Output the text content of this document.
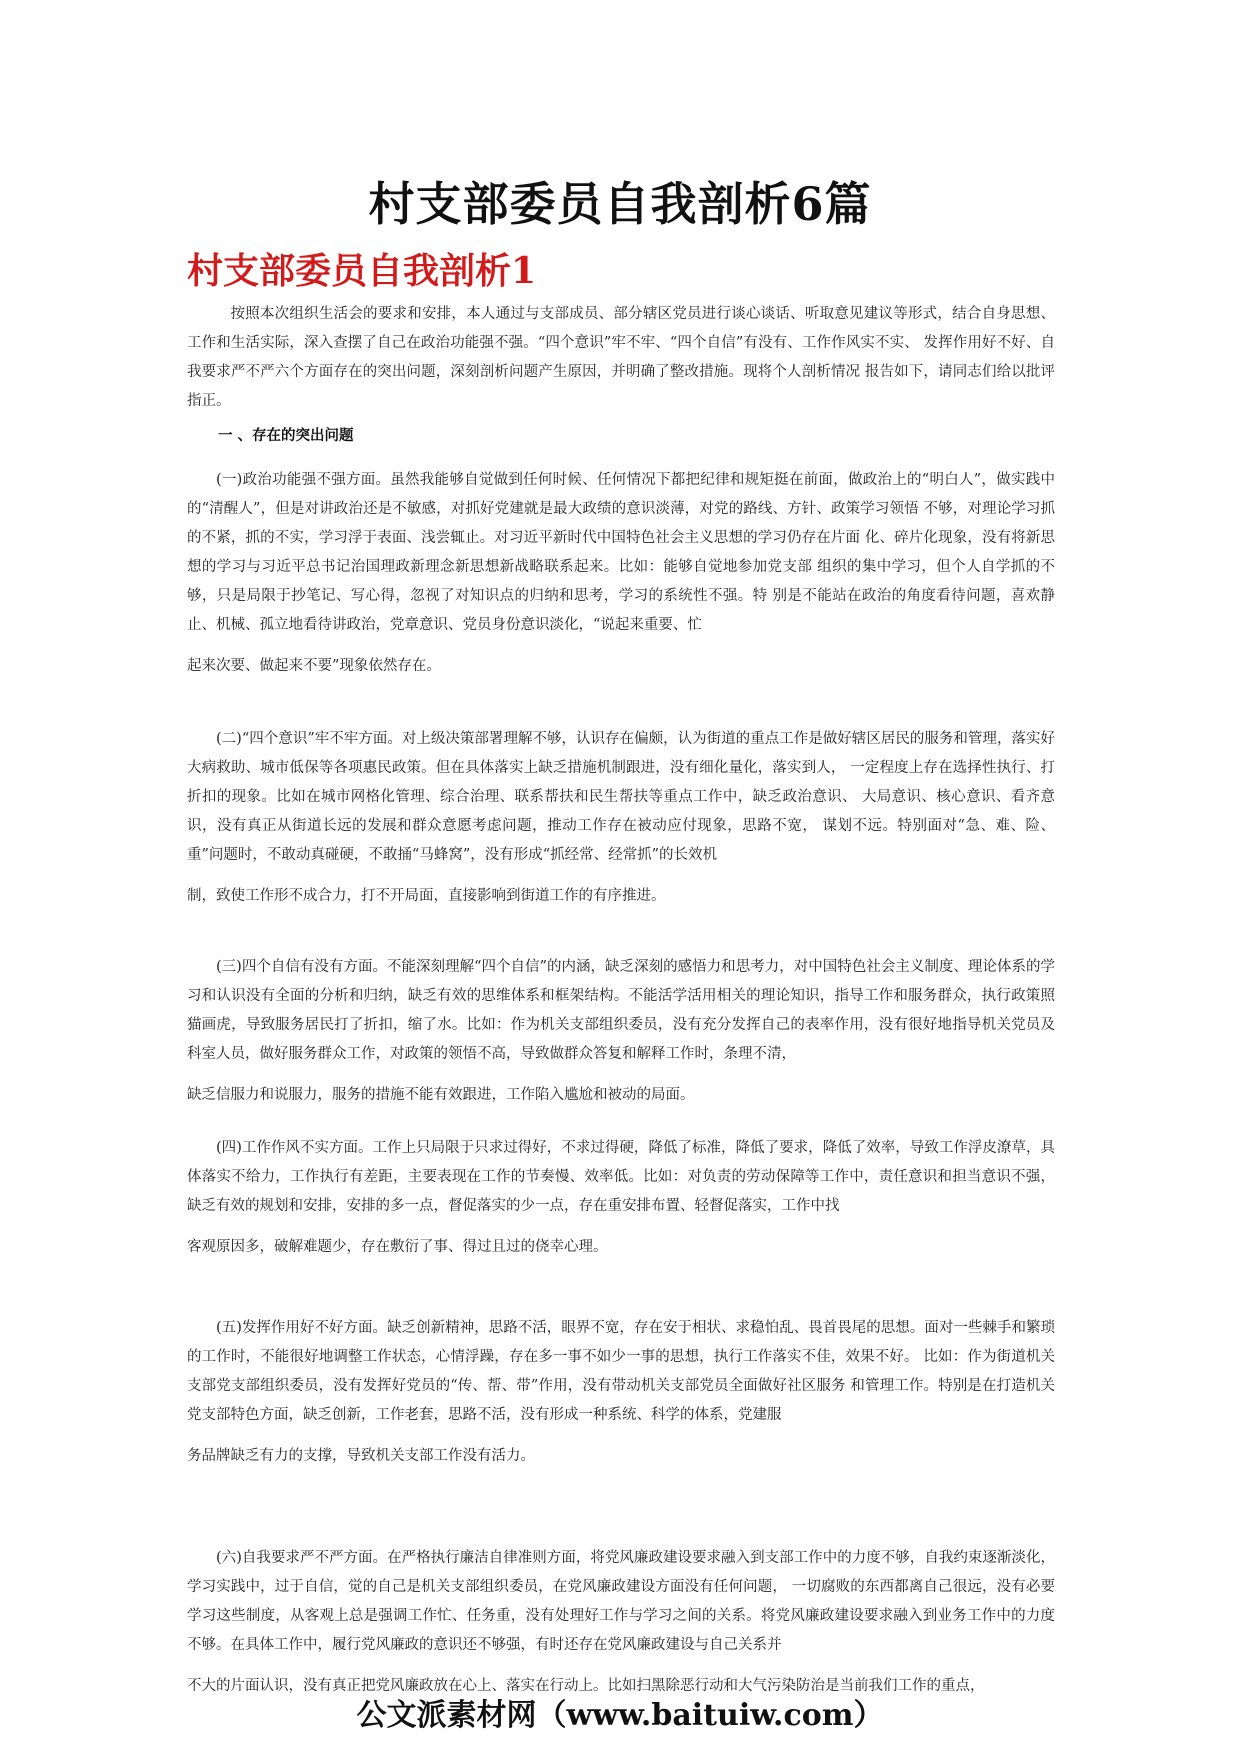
村支部委员自我剖析6篇
村支部委员自我剖析1

按照本次组织生活会的要求和安排，本人通过与支部成员、部分辖区党员进行谈心谈话、听取意见建议等形式，结合自身思想、工作和生活实际，深入查摆了自己在政治功能强不强。“四个意识”牢不牢、“四个自信”有没有、工作作风实不实、 发挥作用好不好、自我要求严不严六个方面存在的突出问题，深刻剖析问题产生原因，并明确了整改措施。现将个人剖析情况 报告如下，请同志们给以批评指正。

一 、存在的突出问题

(一)政治功能强不强方面。虽然我能够自觉做到任何时候、任何情况下都把纪律和规矩挺在前面，做政治上的“明白人”，做实践中的“清醒人”，但是对讲政治还是不敏感，对抓好党建就是最大政绩的意识淡薄，对党的路线、方针、政策学习领悟 不够，对理论学习抓的不紧，抓的不实，学习浮于表面、浅尝辄止。对习近平新时代中国特色社会主义思想的学习仍存在片面 化、碎片化现象，没有将新思想的学习与习近平总书记治国理政新理念新思想新战略联系起来。比如：能够自觉地参加党支部 组织的集中学习，但个人自学抓的不够，只是局限于抄笔记、写心得，忽视了对知识点的归纳和思考，学习的系统性不强。特 别是不能站在政治的角度看待问题，喜欢静止、机械、孤立地看待讲政治，党章意识、党员身份意识淡化，“说起来重要、忙

起来次要、做起来不要”现象依然存在。

(二)“四个意识”牢不牢方面。对上级决策部署理解不够，认识存在偏颇，认为街道的重点工作是做好辖区居民的服务和管理，落实好大病救助、城市低保等各项惠民政策。但在具体落实上缺乏措施机制跟进，没有细化量化，落实到人， 一定程度上存在选择性执行、打折扣的现象。比如在城市网格化管理、综合治理、联系帮扶和民生帮扶等重点工作中，缺乏政治意识、 大局意识、核心意识、看齐意识，没有真正从街道长远的发展和群众意愿考虑问题，推动工作存在被动应付现象，思路不宽， 谋划不远。特别面对“急、难、险、重”问题时，不敢动真碰硬，不敢捅“马蜂窝”，没有形成“抓经常、经常抓”的长效机

制，致使工作形不成合力，打不开局面，直接影响到街道工作的有序推进。

(三)四个自信有没有方面。不能深刻理解“四个自信”的内涵，缺乏深刻的感悟力和思考力，对中国特色社会主义制度、理论体系的学习和认识没有全面的分析和归纳，缺乏有效的思维体系和框架结构。不能活学活用相关的理论知识，指导工作和服务群众，执行政策照猫画虎，导致服务居民打了折扣，缩了水。比如：作为机关支部组织委员，没有充分发挥自己的表率作用，没有很好地指导机关党员及科室人员，做好服务群众工作，对政策的领悟不高，导致做群众答复和解释工作时，条理不清，

缺乏信服力和说服力，服务的措施不能有效跟进，工作陷入尴尬和被动的局面。

(四)工作作风不实方面。工作上只局限于只求过得好，不求过得硬，降低了标准，降低了要求，降低了效率，导致工作浮皮潦草，具体落实不给力，工作执行有差距，主要表现在工作的节奏慢、效率低。比如：对负责的劳动保障等工作中，责任意识和担当意识不强，缺乏有效的规划和安排，安排的多一点，督促落实的少一点，存在重安排布置、轻督促落实，工作中找

客观原因多，破解难题少，存在敷衍了事、得过且过的侥幸心理。

(五)发挥作用好不好方面。缺乏创新精神，思路不活，眼界不宽，存在安于相状、求稳怕乱、畏首畏尾的思想。面对一些棘手和繁琐的工作时，不能很好地调整工作状态，心情浮躁，存在多一事不如少一事的思想，执行工作落实不佳，效果不好。 比如：作为街道机关支部党支部组织委员，没有发挥好党员的“传、帮、带”作用，没有带动机关支部党员全面做好社区服务 和管理工作。特别是在打造机关党支部特色方面，缺乏创新，工作老套，思路不活，没有形成一种系统、科学的体系，党建服

务品牌缺乏有力的支撑，导致机关支部工作没有活力。

(六)自我要求严不严方面。在严格执行廉洁自律准则方面，将党风廉政建设要求融入到支部工作中的力度不够，自我约束逐渐淡化，学习实践中，过于自信，觉的自己是机关支部组织委员，在党风廉政建设方面没有任何问题， 一切腐败的东西都离自己很远，没有必要学习这些制度，从客观上总是强调工作忙、任务重，没有处理好工作与学习之间的关系。将党风廉政建设要求融入到业务工作中的力度不够。在具体工作中，履行党风廉政的意识还不够强，有时还存在党风廉政建设与自己关系并

不大的片面认识，没有真正把党风廉政放在心上、落实在行动上。比如扫黑除恶行动和大气污染防治是当前我们工作的重点，

公文派素材网（www.baituiw.com）
